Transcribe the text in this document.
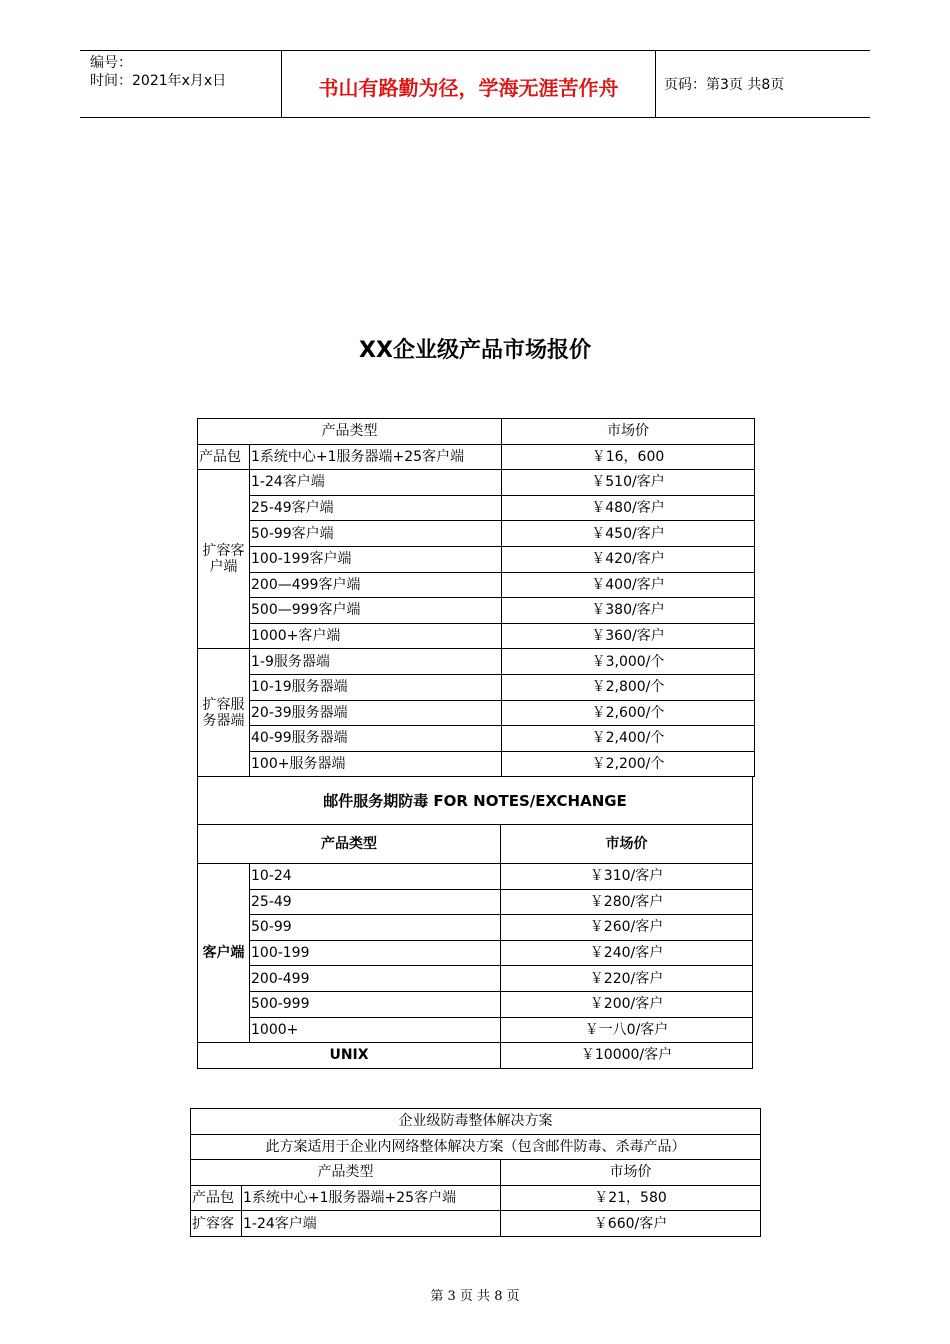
编号：
时间：2021年x月x日	书山有路勤为径，学海无涯苦作舟	页码：第3页 共8页
XX企业级产品市场报价
产品类型		市场价
产品包	1系统中心+1服务器端+25客户端	￥16，600
扩容客户端	1-24客户端	￥510/客户
	25-49客户端	￥480/客户
	50-99客户端	￥450/客户
	100-199客户端	￥420/客户
	200—499客户端	￥400/客户
	500—999客户端	￥380/客户
	1000+客户端	￥360/客户
扩容服务器端	1-9服务器端	￥3,000/个
	10-19服务器端	￥2,800/个
	20-39服务器端	￥2,600/个
	40-99服务器端	￥2,400/个
	100+服务器端	￥2,200/个
邮件服务期防毒 FOR NOTES/EXCHANGE		
产品类型		市场价
客户端	10-24	￥310/客户
	25-49	￥280/客户
	50-99	￥260/客户
	100-199	￥240/客户
	200-499	￥220/客户
	500-999	￥200/客户
	1000+	￥一八0/客户
UNIX		￥10000/客户
企业级防毒整体解决方案		
此方案适用于企业内网络整体解决方案（包含邮件防毒、杀毒产品）		
产品类型		市场价
产品包	1系统中心+1服务器端+25客户端	￥21，580
扩容客	1-24客户端	￥660/客户
第 3 页 共 8 页
